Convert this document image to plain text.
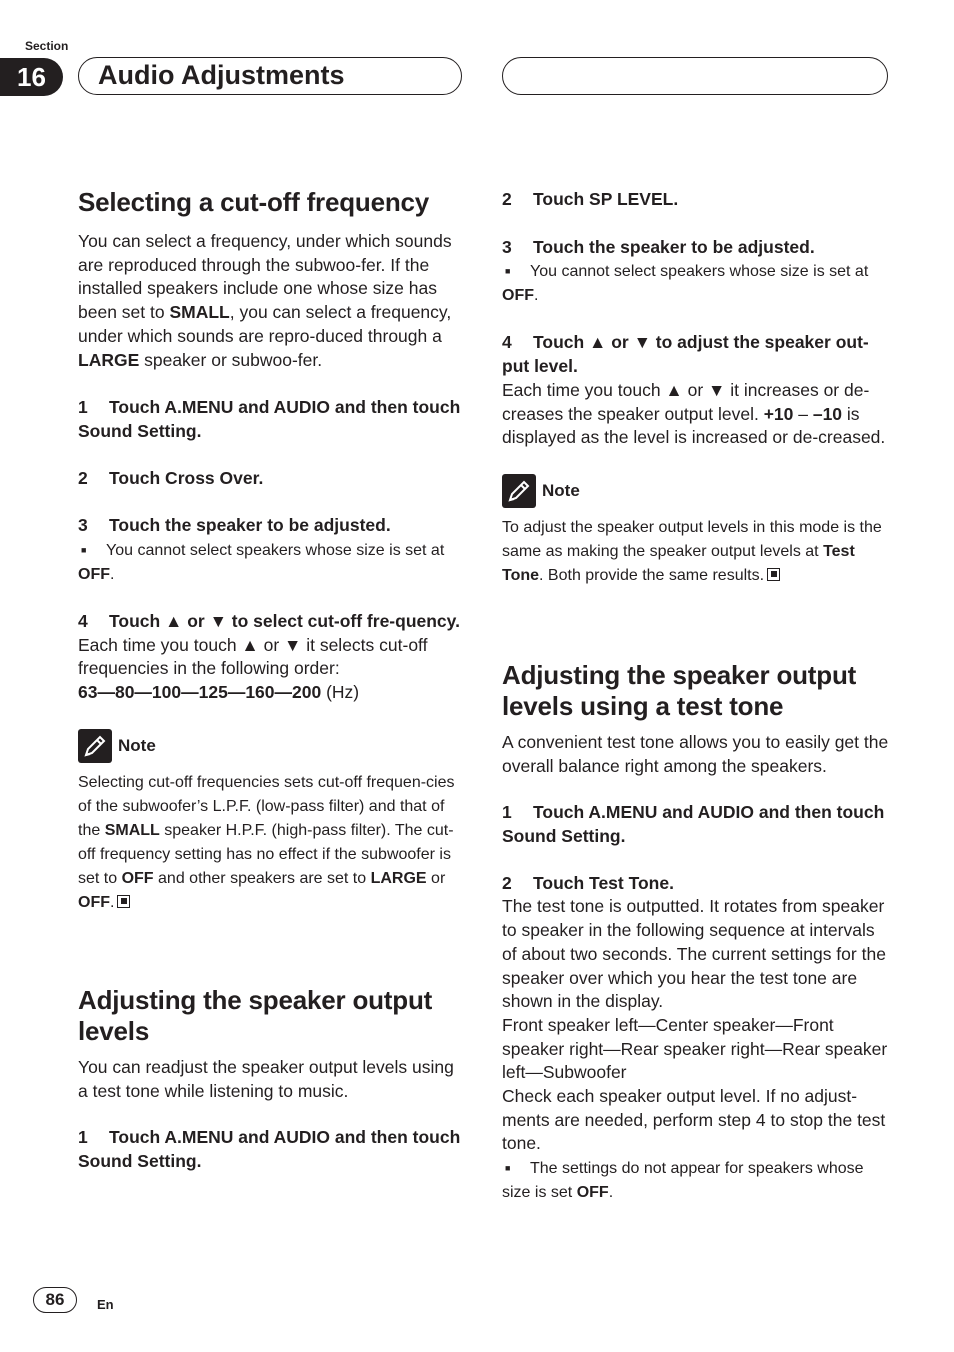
Section
16	Audio Adjustments
Selecting a cut-off frequency

You can select a frequency, under which sounds are reproduced through the subwoo-fer. If the installed speakers include one whose size has been set to SMALL, you can select a frequency, under which sounds are repro-duced through a LARGE speaker or subwoo-fer.

1 Touch A.MENU and AUDIO and then touch Sound Setting.

2 Touch Cross Over.

3 Touch the speaker to be adjusted.

■ You cannot select speakers whose size is set at OFF.

4 Touch ▲ or ▼ to select cut-off fre-quency.

Each time you touch ▲ or ▼ it selects cut-off frequencies in the following order:

63—80—100—125—160—200 (Hz)

Note

Selecting cut-off frequencies sets cut-off frequen-cies of the subwoofer’s L.P.F. (low-pass filter) and that of the SMALL speaker H.P.F. (high-pass filter). The cut-off frequency setting has no effect if the subwoofer is set to OFF and other speakers are set to LARGE or OFF.

Adjusting the speaker output levels

You can readjust the speaker output levels using a test tone while listening to music.

1 Touch A.MENU and AUDIO and then touch Sound Setting.

2 Touch SP LEVEL.

3 Touch the speaker to be adjusted.

■ You cannot select speakers whose size is set at OFF.

4 Touch ▲ or ▼ to adjust the speaker out-put level.

Each time you touch ▲ or ▼ it increases or de-creases the speaker output level. +10 – –10 is displayed as the level is increased or de-creased.

Note

To adjust the speaker output levels in this mode is the same as making the speaker output levels at Test Tone. Both provide the same results.

Adjusting the speaker output levels using a test tone

A convenient test tone allows you to easily get the overall balance right among the speakers.

1 Touch A.MENU and AUDIO and then touch Sound Setting.

2 Touch Test Tone.

The test tone is outputted. It rotates from speaker to speaker in the following sequence at intervals of about two seconds. The current settings for the speaker over which you hear the test tone are shown in the display.

Front speaker left—Center speaker—Front speaker right—Rear speaker right—Rear speaker left—Subwoofer

Check each speaker output level. If no adjust-ments are needed, perform step 4 to stop the test tone.

■ The settings do not appear for speakers whose size is set OFF.

86	En
